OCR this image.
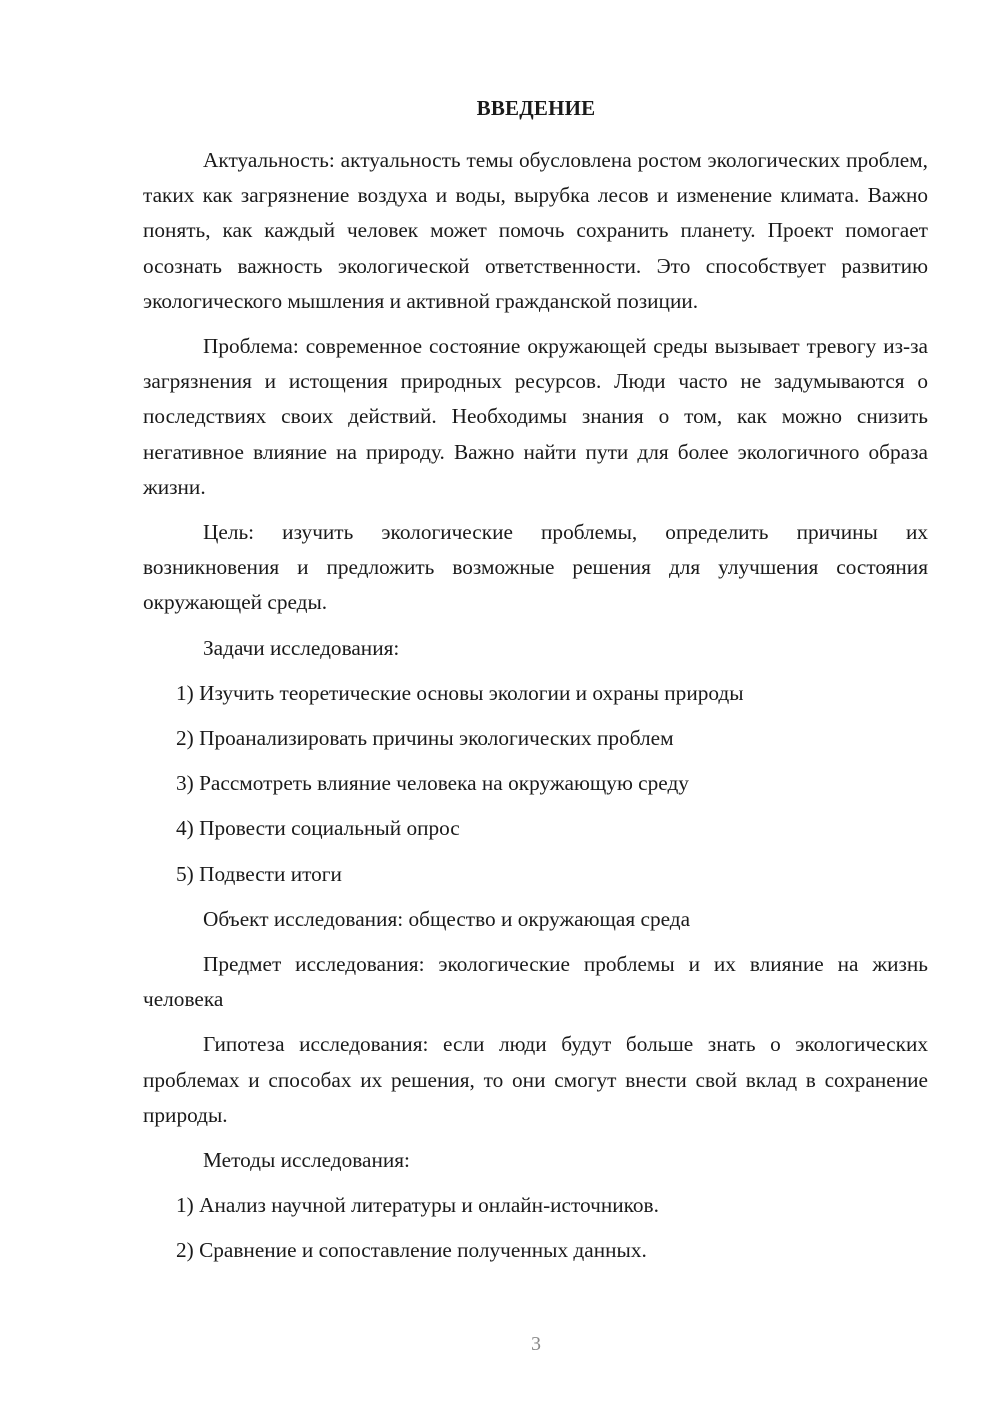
ВВЕДЕНИЕ

Актуальность: актуальность темы обусловлена ростом экологических проблем, таких как загрязнение воздуха и воды, вырубка лесов и изменение климата. Важно понять, как каждый человек может помочь сохранить планету. Проект помогает осознать важность экологической ответственности. Это способствует развитию экологического мышления и активной гражданской позиции.

Проблема: современное состояние окружающей среды вызывает тревогу из-за загрязнения и истощения природных ресурсов. Люди часто не задумываются о последствиях своих действий. Необходимы знания о том, как можно снизить негативное влияние на природу. Важно найти пути для более экологичного образа жизни.

Цель: изучить экологические проблемы, определить причины их возникновения и предложить возможные решения для улучшения состояния окружающей среды.

Задачи исследования:

1) Изучить теоретические основы экологии и охраны природы
2) Проанализировать причины экологических проблем
3) Рассмотреть влияние человека на окружающую среду
4) Провести социальный опрос
5) Подвести итоги

Объект исследования: общество и окружающая среда

Предмет исследования: экологические проблемы и их влияние на жизнь человека

Гипотеза исследования: если люди будут больше знать о экологических проблемах и способах их решения, то они смогут внести свой вклад в сохранение природы.

Методы исследования:

1) Анализ научной литературы и онлайн-источников.
2) Сравнение и сопоставление полученных данных.
3
